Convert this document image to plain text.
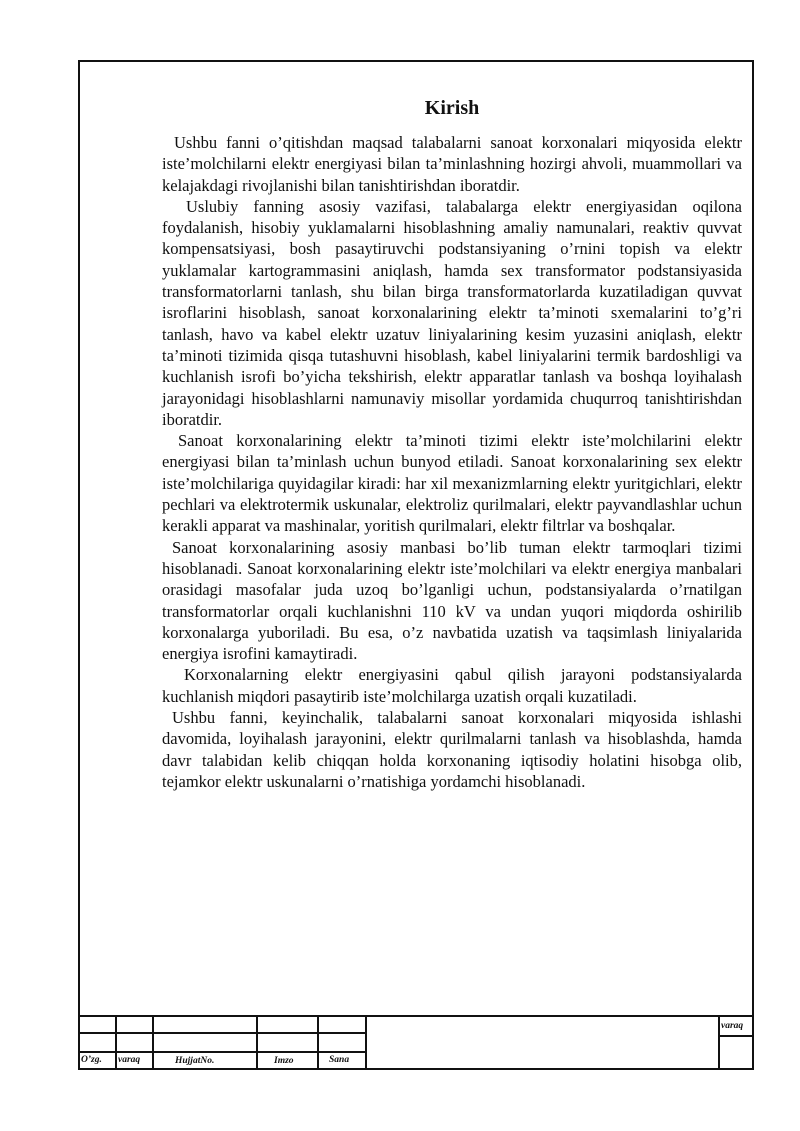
Kirish

Ushbu fanni o’qitishdan maqsad talabalarni sanoat korxonalari miqyosida elektr iste’molchilarni elektr energiyasi bilan ta’minlashning hozirgi ahvoli, muammollari va kelajakdagi rivojlanishi bilan tanishtirishdan iboratdir.

Uslubiy fanning asosiy vazifasi, talabalarga elektr energiyasidan oqilona foydalanish, hisobiy yuklamalarni hisoblashning amaliy namunalari, reaktiv quvvat kompensatsiyasi, bosh pasaytiruvchi podstansiyaning o’rnini topish va elektr yuklamalar kartogrammasini aniqlash, hamda sex transformator podstansiyasida transformatorlarni tanlash, shu bilan birga transformatorlarda kuzatiladigan quvvat isroflarini hisoblash, sanoat korxonalarining elektr ta’minoti sxemalarini to’g’ri tanlash, havo va kabel elektr uzatuv liniyalarining kesim yuzasini aniqlash, elektr ta’minoti tizimida qisqa tutashuvni hisoblash, kabel liniyalarini termik bardoshligi va kuchlanish isrofi bo’yicha tekshirish, elektr apparatlar tanlash va boshqa loyihalash jarayonidagi hisoblashlarni namunaviy misollar yordamida chuqurroq tanishtirishdan iboratdir.

Sanoat korxonalarining elektr ta’minoti tizimi elektr iste’molchilarini elektr energiyasi bilan ta’minlash uchun bunyod etiladi. Sanoat korxonalarining sex elektr iste’molchilariga quyidagilar kiradi: har xil mexanizmlarning elektr yuritgichlari, elektr pechlari va elektrotermik uskunalar, elektroliz qurilmalari, elektr payvandlashlar uchun kerakli apparat va mashinalar, yoritish qurilmalari, elektr filtrlar va boshqalar.

Sanoat korxonalarining asosiy manbasi bo’lib tuman elektr tarmoqlari tizimi hisoblanadi. Sanoat korxonalarining elektr iste’molchilari va elektr energiya manbalari orasidagi masofalar juda uzoq bo’lganligi uchun, podstansiyalarda o’rnatilgan transformatorlar orqali kuchlanishni 110 kV va undan yuqori miqdorda oshirilib korxonalarga yuboriladi. Bu esa, o’z navbatida uzatish va taqsimlash liniyalarida energiya isrofini kamaytiradi.

Korxonalarning elektr energiyasini qabul qilish jarayoni podstansiyalarda kuchlanish miqdori pasaytirib iste’molchilarga uzatish orqali kuzatiladi.

Ushbu fanni, keyinchalik, talabalarni sanoat korxonalari miqyosida ishlashi davomida, loyihalash jarayonini, elektr qurilmalarni tanlash va hisoblashda, hamda davr talabidan kelib chiqqan holda korxonaning iqtisodiy holatini hisobga olib, tejamkor elektr uskunalarni o’rnatishiga yordamchi hisoblanadi.

O’zg. varaq	HujjatNo.	Imzo	Sana
varaq
